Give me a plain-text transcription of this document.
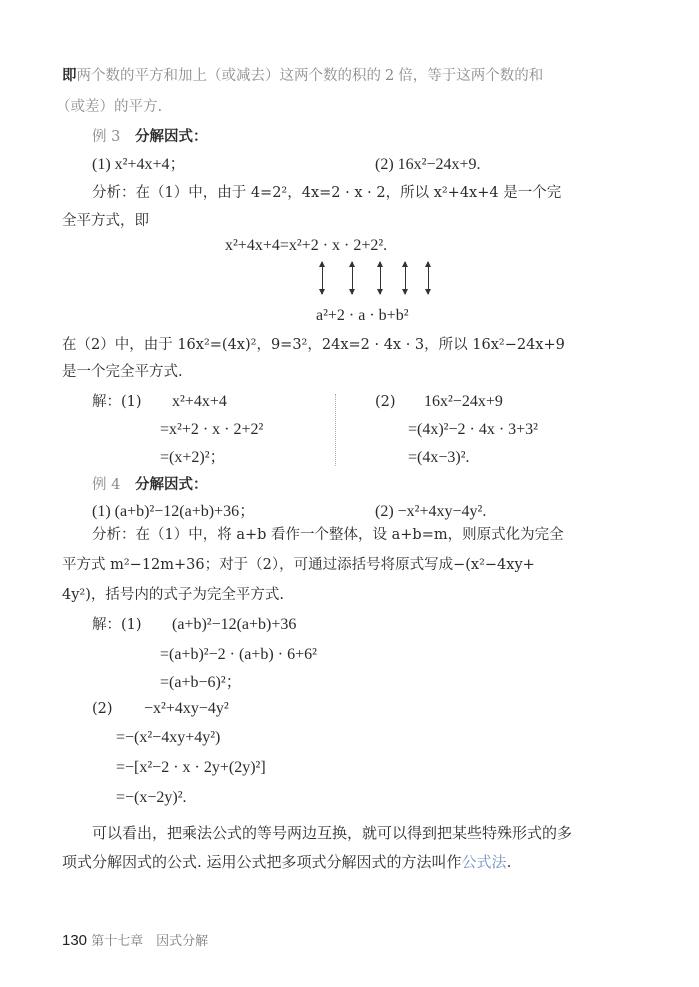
即两个数的平方和加上（或减去）这两个数的积的 2 倍，等于这两个数的和
（或差）的平方.
例 3 分解因式：
(1) x²+4x+4；	(2) 16x²−24x+9.
分析：在（1）中，由于 4=2²，4x=2 · x · 2，所以 x²+4x+4 是一个完
全平方式，即
x²+4x+4=x²+2 · x · 2+2².
a²+2 · a · b+b²
在（2）中，由于 16x²=(4x)²，9=3²，24x=2 · 4x · 3，所以 16x²−24x+9
是一个完全平方式.
解：(1) x²+4x+4
=x²+2 · x · 2+2²
=(x+2)²；
(2) 16x²−24x+9
=(4x)²−2 · 4x · 3+3²
=(4x−3)².
例 4 分解因式：
(1) (a+b)²−12(a+b)+36；	(2) −x²+4xy−4y².
分析：在（1）中，将 a+b 看作一个整体，设 a+b=m，则原式化为完全
平方式 m²−12m+36；对于（2），可通过添括号将原式写成−(x²−4xy+
4y²)，括号内的式子为完全平方式.
解：(1) (a+b)²−12(a+b)+36
=(a+b)²−2 · (a+b) · 6+6²
=(a+b−6)²；
(2) −x²+4xy−4y²
=−(x²−4xy+4y²)
=−[x²−2 · x · 2y+(2y)²]
=−(x−2y)².
可以看出，把乘法公式的等号两边互换，就可以得到把某些特殊形式的多
项式分解因式的公式. 运用公式把多项式分解因式的方法叫作公式法.
130 第十七章　因式分解
